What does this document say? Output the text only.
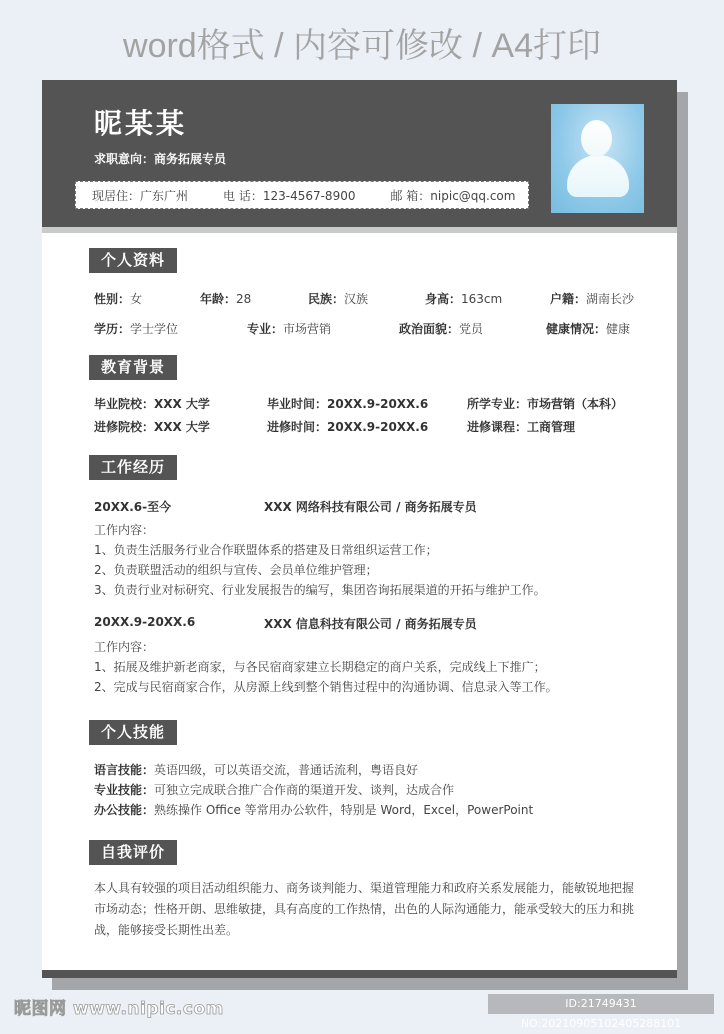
word格式 / 内容可修改 / A4打印
昵某某
求职意向：商务拓展专员
现居住：广东广州	电 话：123-4567-8900	邮 箱：nipic@qq.com
个人资料
性别：女	年龄：28	民族：汉族	身高：163cm	户籍：湖南长沙
学历：学士学位	专业：市场营销	政治面貌：党员	健康情况：健康
教育背景
毕业院校：XXX 大学	毕业时间：20XX.9-20XX.6	所学专业：市场营销（本科）
进修院校：XXX 大学	进修时间：20XX.9-20XX.6	进修课程：工商管理
工作经历
20XX.6-至今	XXX 网络科技有限公司 / 商务拓展专员
工作内容：
1、负责生活服务行业合作联盟体系的搭建及日常组织运营工作；
2、负责联盟活动的组织与宣传、会员单位维护管理；
3、负责行业对标研究、行业发展报告的编写，集团咨询拓展渠道的开拓与维护工作。
20XX.9-20XX.6	XXX 信息科技有限公司 / 商务拓展专员
工作内容：
1、拓展及维护新老商家，与各民宿商家建立长期稳定的商户关系，完成线上下推广；
2、完成与民宿商家合作，从房源上线到整个销售过程中的沟通协调、信息录入等工作。
个人技能
语言技能：英语四级，可以英语交流，普通话流利，粤语良好
专业技能：可独立完成联合推广合作商的渠道开发、谈判，达成合作
办公技能：熟练操作 Office 等常用办公软件，特别是 Word，Excel，PowerPoint
自我评价
本人具有较强的项目活动组织能力、商务谈判能力、渠道管理能力和政府关系发展能力，能敏锐地把握市场动态；性格开朗、思维敏捷，具有高度的工作热情，出色的人际沟通能力，能承受较大的压力和挑战，能够接受长期性出差。
昵图网 www.nipic.com	ID:21749431 NO:20210905102405288101
